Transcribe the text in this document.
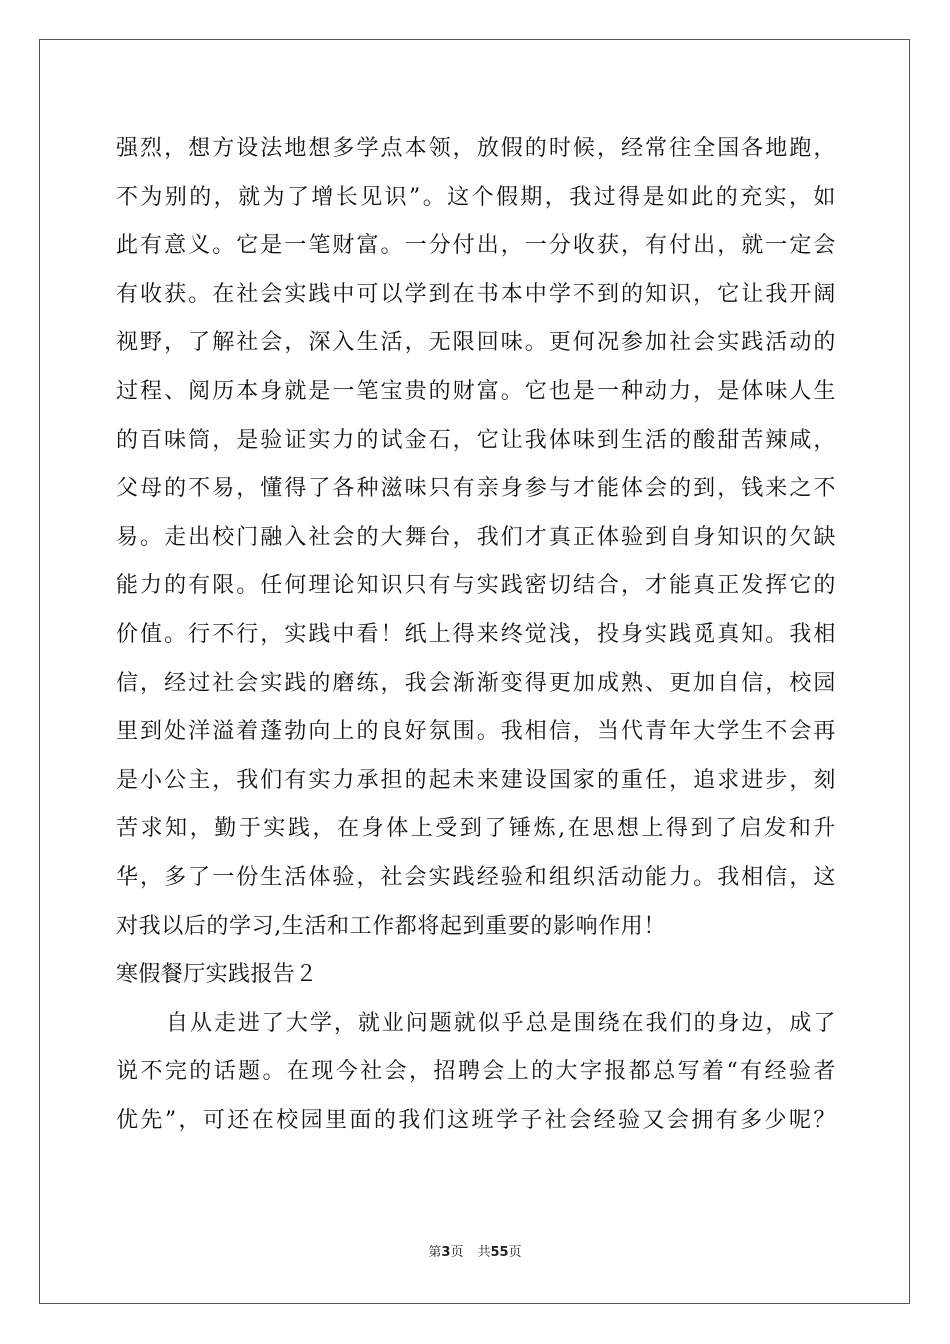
强烈，想方设法地想多学点本领，放假的时候，经常往全国各地跑，
不为别的，就为了增长见识”。这个假期，我过得是如此的充实，如
此有意义。它是一笔财富。一分付出，一分收获，有付出，就一定会
有收获。在社会实践中可以学到在书本中学不到的知识，它让我开阔
视野，了解社会，深入生活，无限回味。更何况参加社会实践活动的
过程、阅历本身就是一笔宝贵的财富。它也是一种动力，是体味人生
的百味筒，是验证实力的试金石，它让我体味到生活的酸甜苦辣咸，
父母的不易，懂得了各种滋味只有亲身参与才能体会的到，钱来之不
易。走出校门融入社会的大舞台，我们才真正体验到自身知识的欠缺
能力的有限。任何理论知识只有与实践密切结合，才能真正发挥它的
价值。行不行，实践中看！纸上得来终觉浅，投身实践觅真知。我相
信，经过社会实践的磨练，我会渐渐变得更加成熟、更加自信，校园
里到处洋溢着蓬勃向上的良好氛围。我相信，当代青年大学生不会再
是小公主，我们有实力承担的起未来建设国家的重任，追求进步，刻
苦求知，勤于实践，在身体上受到了锤炼,在思想上得到了启发和升
华，多了一份生活体验，社会实践经验和组织活动能力。我相信，这
对我以后的学习,生活和工作都将起到重要的影响作用！
寒假餐厅实践报告２
自从走进了大学，就业问题就似乎总是围绕在我们的身边，成了
说不完的话题。在现今社会，招聘会上的大字报都总写着“有经验者
优先”，可还在校园里面的我们这班学子社会经验又会拥有多少呢？
第3页 共55页
